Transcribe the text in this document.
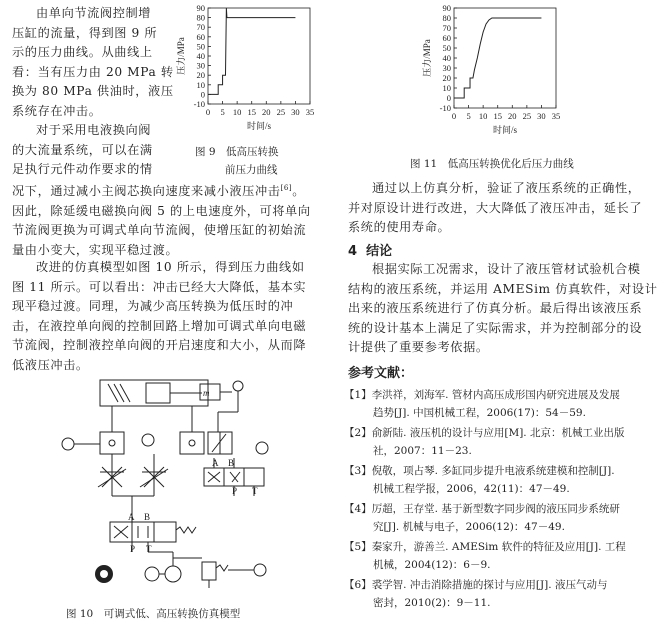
由单向节流阀控制增
压缸的流量，得到图 9 所
示的压力曲线。从曲线上
看：当有压力由 20 MPa 转
换为 80 MPa 供油时，液压
系统存在冲击。
对于采用电液换向阀
的大流量系统，可以在满
足执行元件动作要求的情
况下，通过减小主阀芯换向速度来减小液压冲击[6]。
因此，除延缓电磁换向阀 5 的上电速度外，可将单向
节流阀更换为可调式单向节流阀，使增压缸的初始流
量由小变大，实现平稳过渡。
改进的仿真模型如图 10 所示，得到压力曲线如
图 11 所示。可以看出：冲击已经大大降低，基本实
现平稳过渡。同理，为减少高压转换为低压时的冲
击，在液控单向阀的控制回路上增加可调式单向电磁
节流阀，控制液控单向阀的开启速度和大小，从而降
低液压冲击。
-10
0
10
20
30
40
50
60
70
80
90
0 5 10 15 20 25 30 35
时间/s
压力/MPa
图 9　低高压转换
前压力曲线
-10
0
10
20
30
40
50
60
70
80
90
0 5 10 15 20 25 30 35
时间/s
压力/MPa
图 11　低高压转换优化后压力曲线
m
A B
P T
A B
P T
图 10　可调式低、高压转换仿真模型
通过以上仿真分析，验证了液压系统的正确性，
并对原设计进行改进，大大降低了液压冲击，延长了
系统的使用寿命。
4 结论
根据实际工况需求，设计了液压管材试验机合模
结构的液压系统，并运用 AMESim 仿真软件，对设计
出来的液压系统进行了仿真分析。最后得出该液压系
统的设计基本上满足了实际需求，并为控制部分的设
计提供了重要参考依据。
参考文献：
【1】李洪祥，刘海军. 管材内高压成形国内研究进展及发展
趋势[J]. 中国机械工程，2006(17)：54－59.
【2】俞新陆. 液压机的设计与应用[M]. 北京：机械工业出版
社，2007：11－23.
【3】倪敬，项占琴. 多缸同步提升电液系统建模和控制[J].
机械工程学报，2006，42(11)：47－49.
【4】厉超，王存堂. 基于新型数字同步阀的液压同步系统研
究[J]. 机械与电子，2006(12)：47－49.
【5】秦家升，游善兰. AMESim 软件的特征及应用[J]. 工程
机械，2004(12)：6－9.
【6】裘学智. 冲击消除措施的探讨与应用[J]. 液压气动与
密封，2010(2)：9－11.
